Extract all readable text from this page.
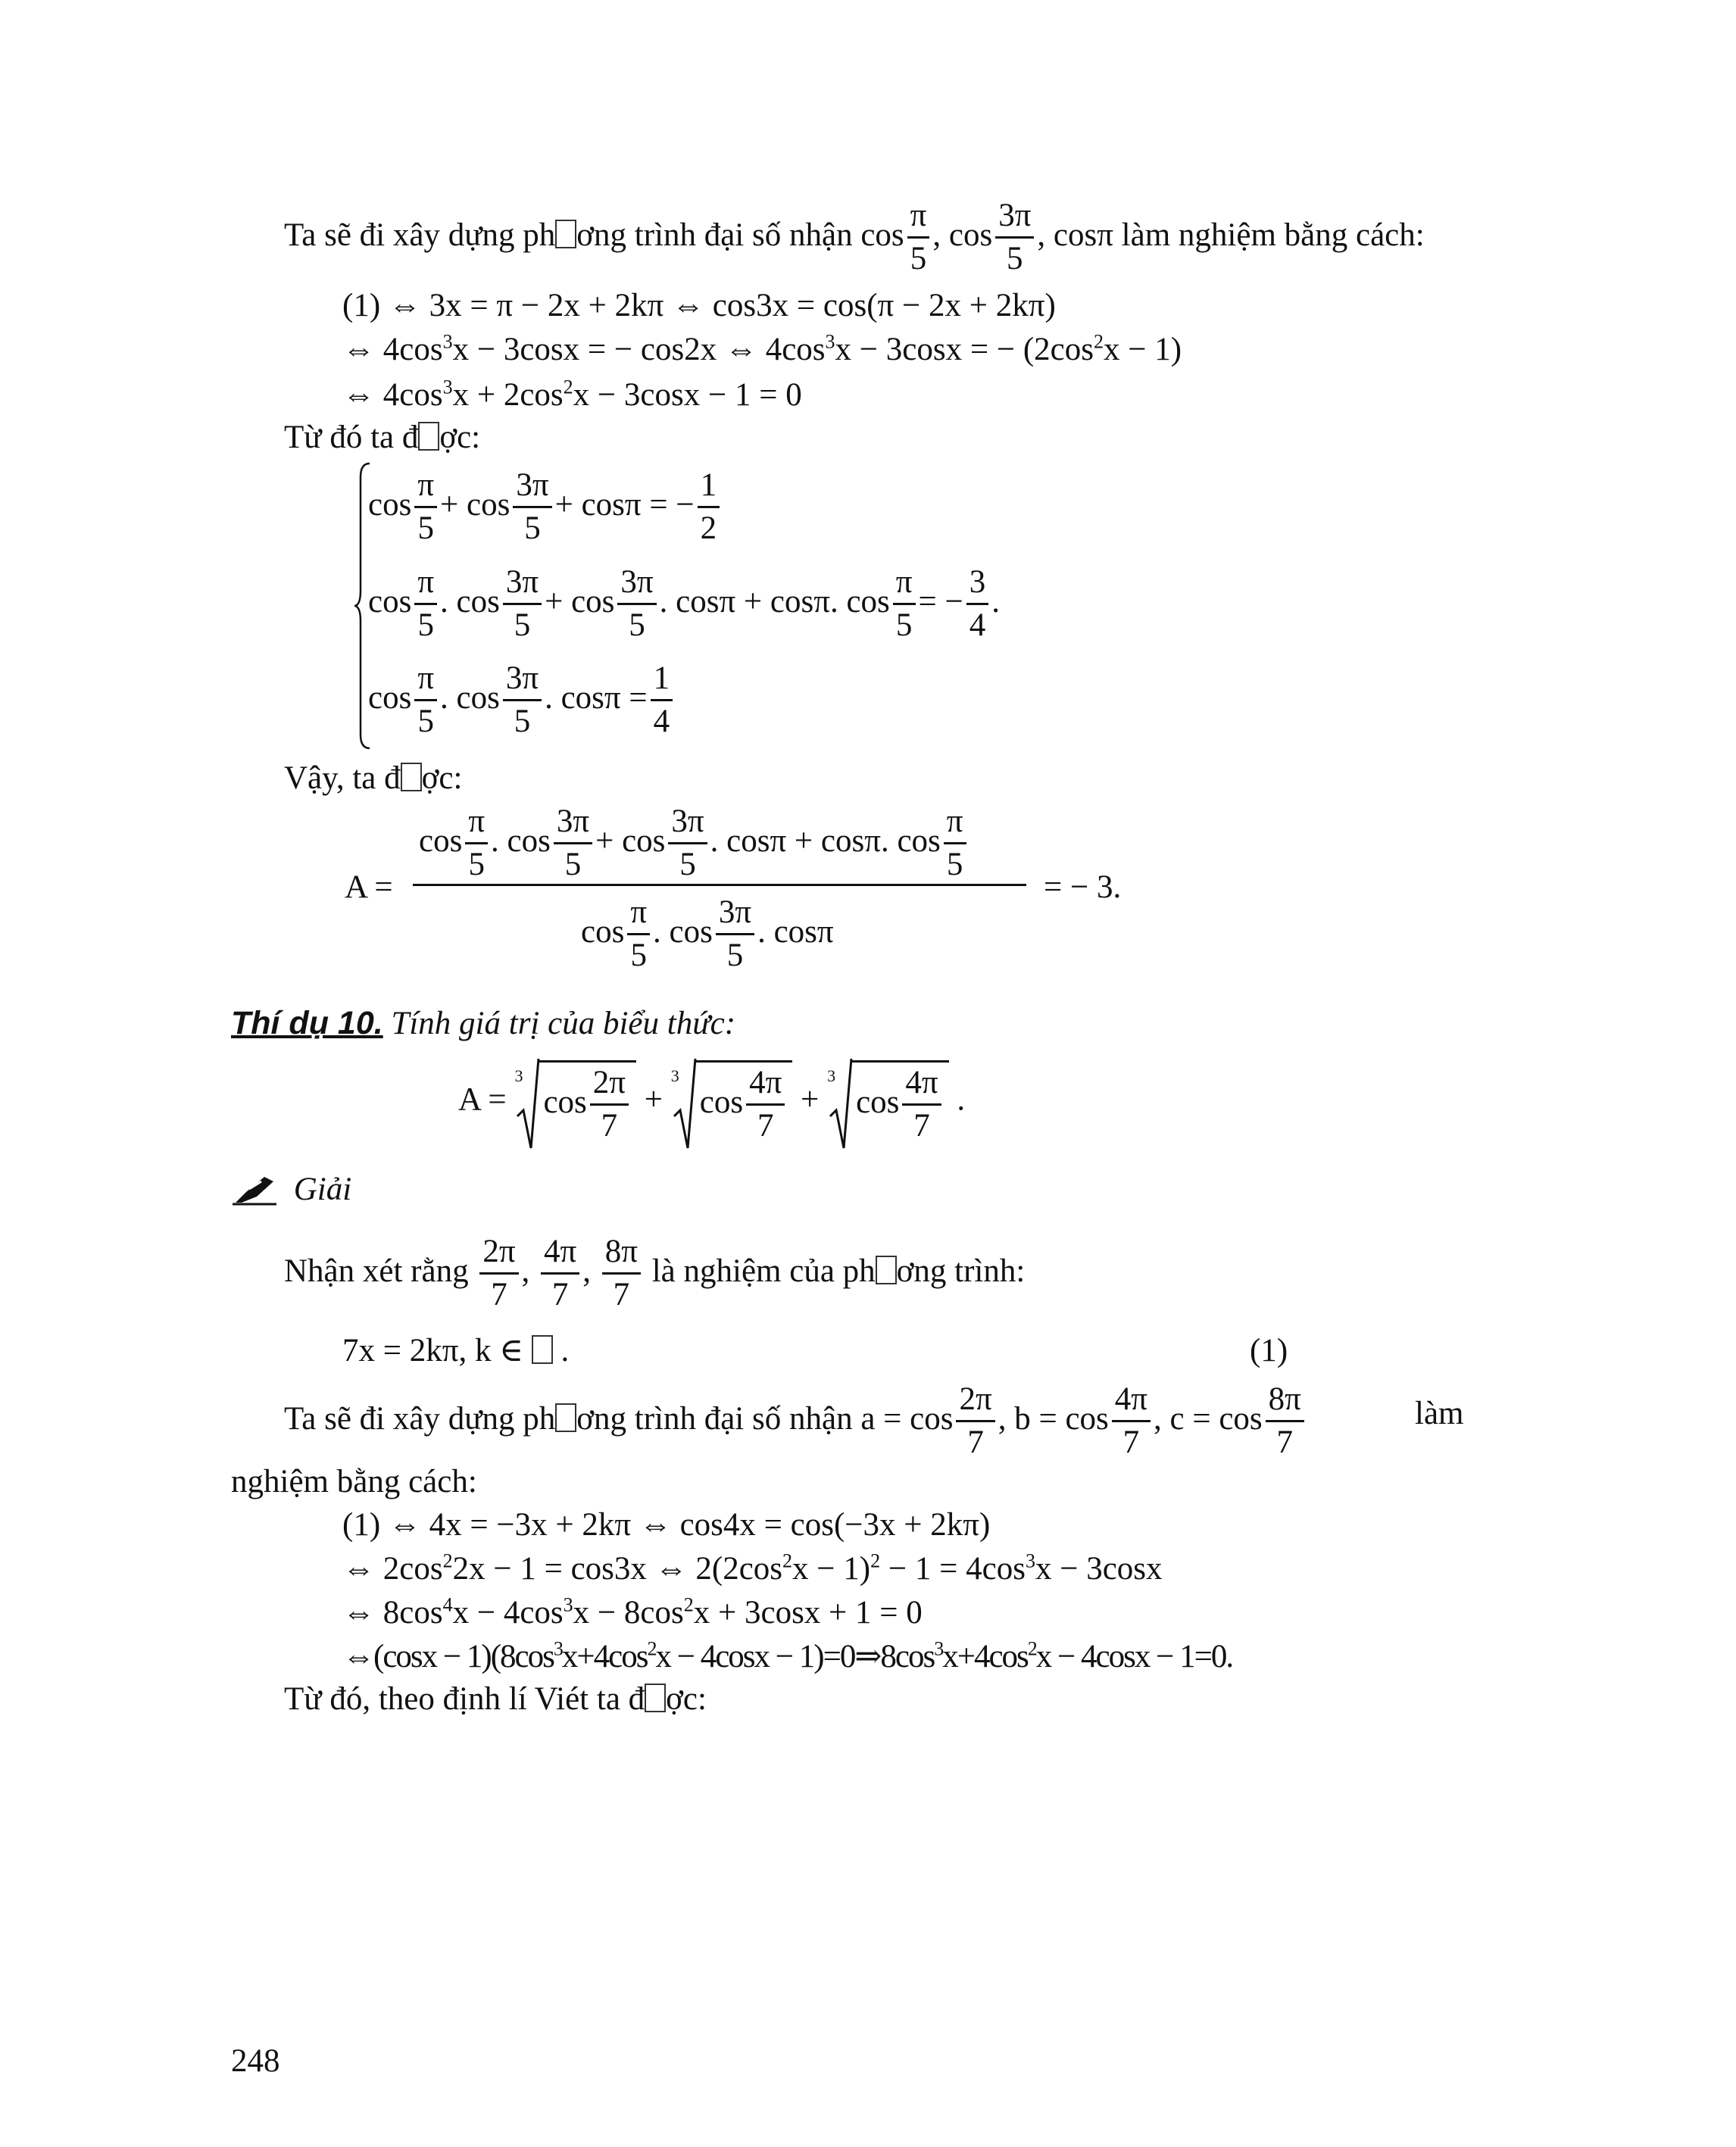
Ta sẽ đi xây dựng ph ơng trình đại số nhận $\cos \frac{\pi}{5}$ , $\cos \frac{3\pi}{5}$ , cosπ làm nghiệm bằng cách:
(1) ⇔ 3x = π − 2x + 2kπ ⇔ cos3x = cos(π − 2x + 2kπ)
⇔ $4\cos^3x - 3\cos x$ = − cos2x ⇔ $4\cos^3x - 3\cos x$ = − $(2\cos^2x - 1)$
⇔ $4\cos^3x + 2\cos^2x - 3\cos x - 1 = 0$
Từ đó ta đ ợc:
$\cos \frac{\pi}{5} + \cos \frac{3\pi}{5} + \cos\pi$ = − $\frac{1}{2}$
$\cos \frac{\pi}{5}$ . $\cos \frac{3\pi}{5} + \cos \frac{3\pi}{5}$ . cosπ + cosπ. $\cos \frac{\pi}{5}$ = − $\frac{3}{4}$ .
$\cos \frac{\pi}{5}$ . $\cos \frac{3\pi}{5}$ . $\cos\pi = \frac{1}{4}$
Vậy, ta đ ợc:
A =
$\cos \frac{\pi}{5}$ . $\cos \frac{3\pi}{5} + \cos \frac{3\pi}{5}$ . cosπ + cosπ. $\cos \frac{\pi}{5}$
$\cos \frac{\pi}{5}$ . $\cos \frac{3\pi}{5}$ . cosπ
= − 3.
Thí dụ 10. Tính giá trị của biểu thức:
A =
3
$\cos \frac{2\pi}{7}$ +
3
$\cos \frac{4\pi}{7}$ +
3
$\cos \frac{4\pi}{7}$ .
Giải
Nhận xét rằng $\frac{2\pi}{7}$ , $\frac{4\pi}{7}$ , $\frac{8\pi}{7}$ là nghiệm của ph ơng trình:
7x = 2kπ, k ∈ .	(1)
Ta sẽ đi xây dựng ph ơng trình đại số nhận $a = \cos \frac{2\pi}{7}$ , $b = \cos \frac{4\pi}{7}$ , $c = \cos \frac{8\pi}{7}$	làm
nghiệm bằng cách:
(1) ⇔ 4x = −3x + 2kπ ⇔ cos4x = cos(−3x + 2kπ)
⇔ $2\cos^22x - 1 = \cos 3x$ ⇔ $2(2\cos^2x - 1)^2 - 1 = 4\cos^3x - 3\cos x$
⇔ $8\cos^4x - 4\cos^3x - 8\cos^2x + 3\cos x + 1 = 0$
⇔(cosx − $1)(8\cos^3x+4\cos^2x - 4\cos x$ − $1)=0\Rightarrow 8\cos^3x+4\cos^2x - 4\cos x - 1=0$.
Từ đó, theo định lí Viét ta đ ợc:
248
